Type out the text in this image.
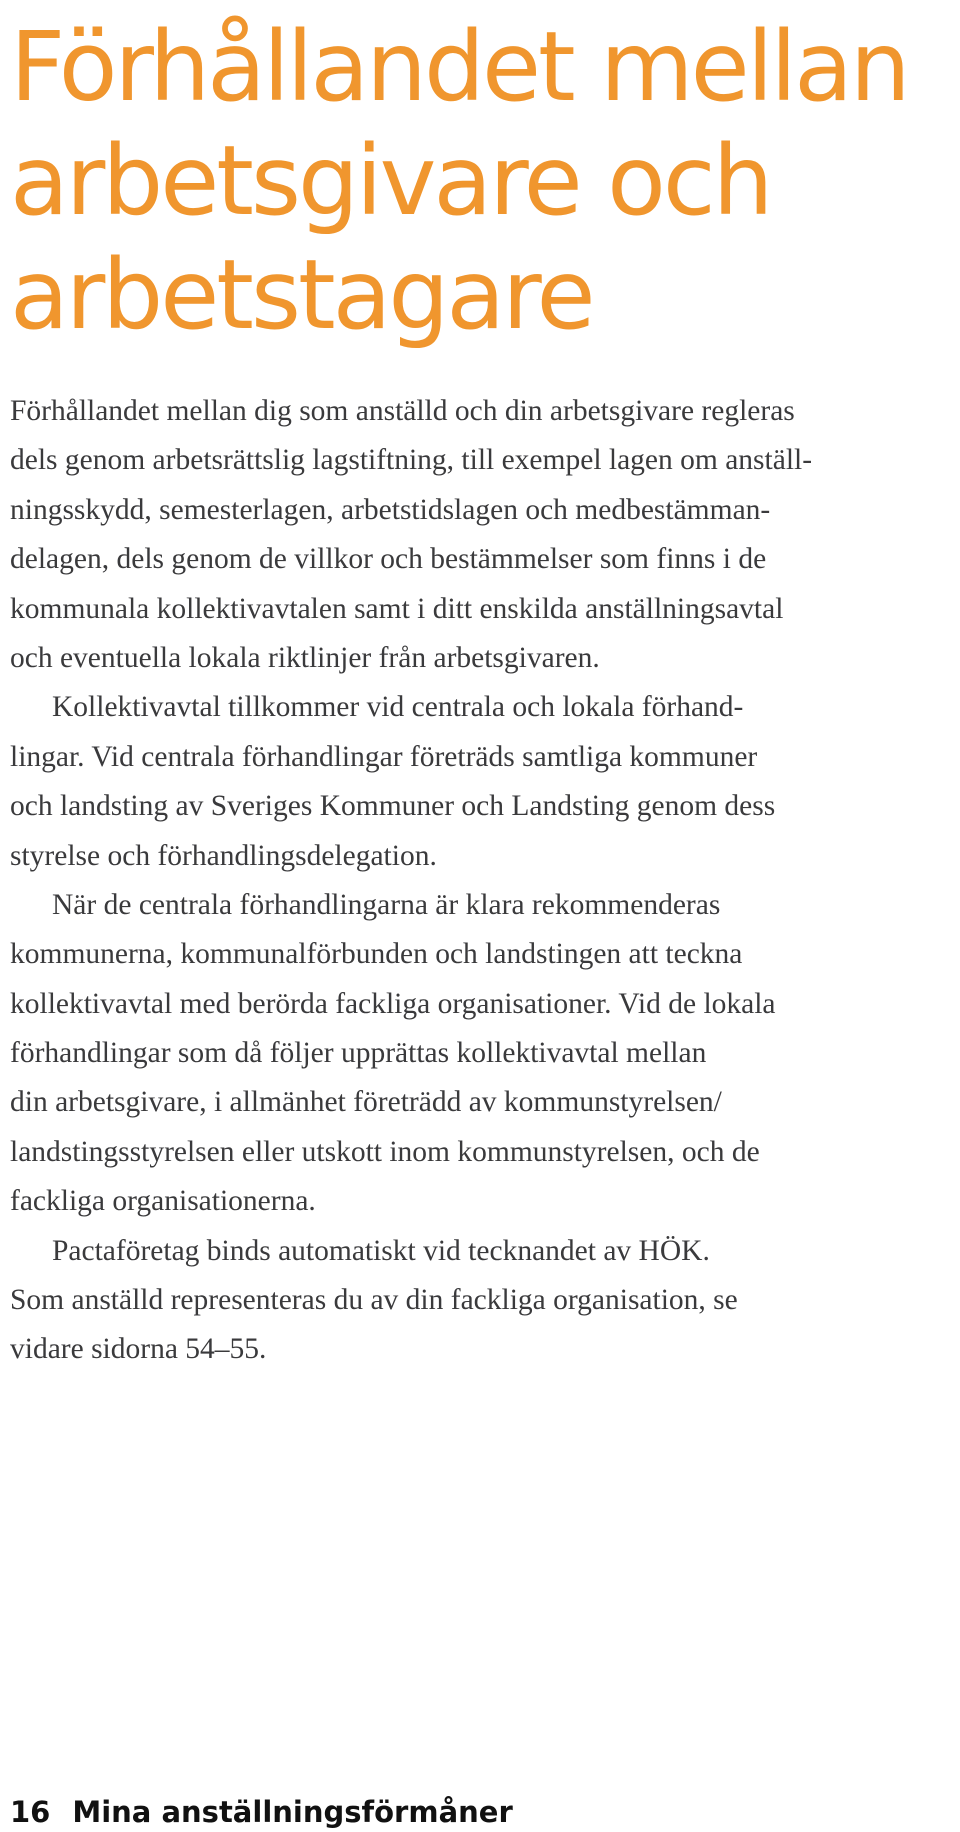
Förhållandet mellan
arbetsgivare och
arbetstagare
Förhållandet mellan dig som anställd och din arbetsgivare regleras
dels genom arbetsrättslig lagstiftning, till exempel lagen om anställ-
ningsskydd, semesterlagen, arbetstidslagen och medbestämman-
delagen, dels genom de villkor och bestämmelser som finns i de
kommunala kollektivavtalen samt i ditt enskilda anställningsavtal
och eventuella lokala riktlinjer från arbetsgivaren.
Kollektivavtal tillkommer vid centrala och lokala förhand-
lingar. Vid centrala förhandlingar företräds samtliga kommuner
och landsting av Sveriges Kommuner och Landsting genom dess
styrelse och förhandlingsdelegation.
När de centrala förhandlingarna är klara rekommenderas
kommunerna, kommunalförbunden och landstingen att teckna
kollektivavtal med berörda fackliga organisationer. Vid de lokala
förhandlingar som då följer upprättas kollektivavtal mellan
din arbetsgivare, i allmänhet företrädd av kommunstyrelsen/
landstingsstyrelsen eller utskott inom kommunstyrelsen, och de
fackliga organisationerna.
Pactaföretag binds automatiskt vid tecknandet av HÖK.
Som anställd representeras du av din fackliga organisation, se
vidare sidorna 54–55.
16 Mina anställningsförmåner
